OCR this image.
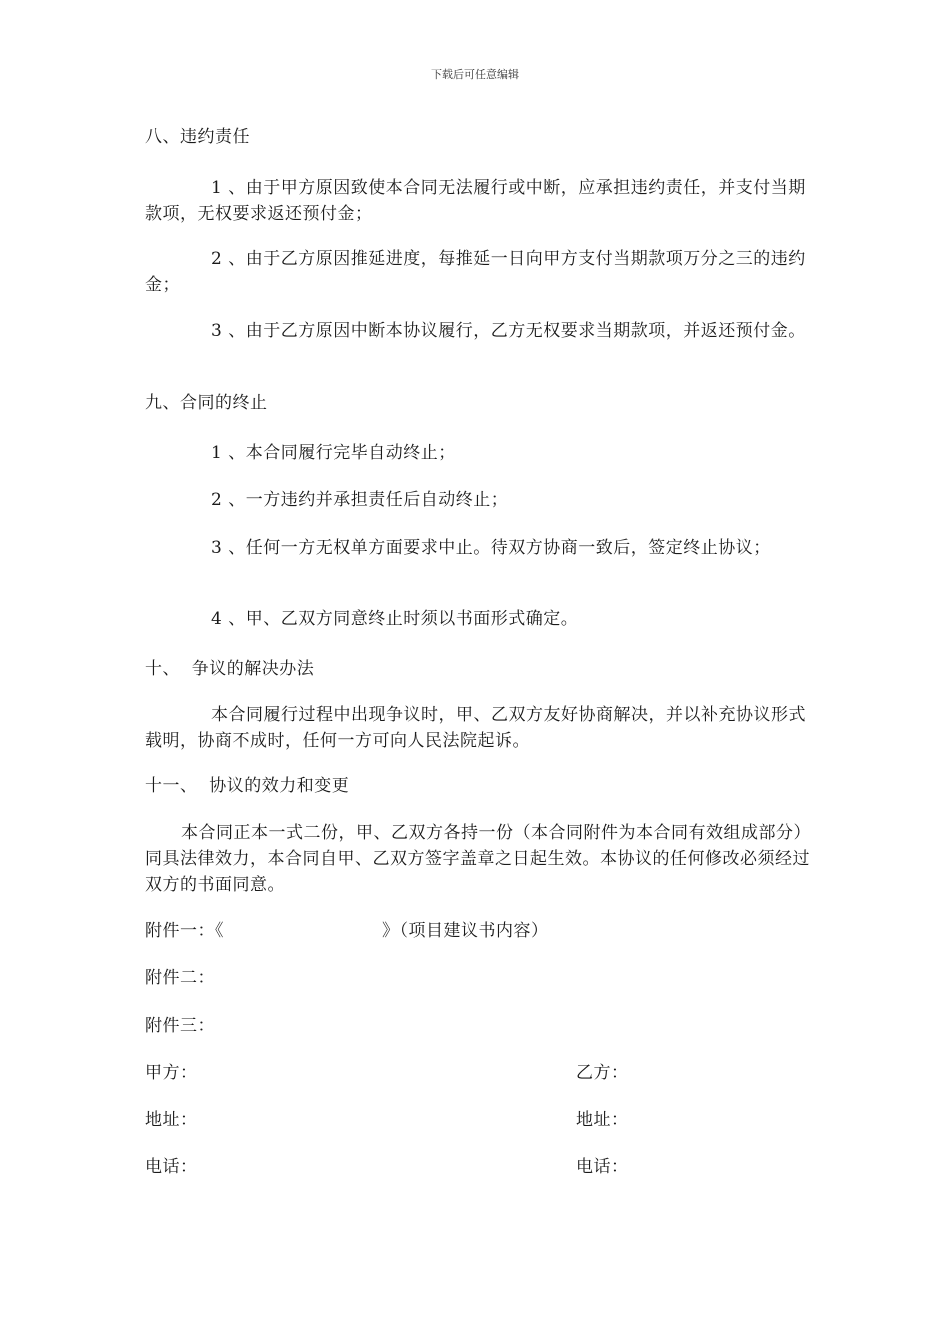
下载后可任意编辑
八、违约责任
1 、由于甲方原因致使本合同无法履行或中断，应承担违约责任，并支付当期款项，无权要求返还预付金；
2 、由于乙方原因推延进度，每推延一日向甲方支付当期款项万分之三的违约金；
3 、由于乙方原因中断本协议履行，乙方无权要求当期款项，并返还预付金。
九、合同的终止
1 、本合同履行完毕自动终止；
2 、一方违约并承担责任后自动终止；
3 、任何一方无权单方面要求中止。待双方协商一致后，签定终止协议；
4 、甲、乙双方同意终止时须以书面形式确定。
十、  争议的解决办法
本合同履行过程中出现争议时，甲、乙双方友好协商解决，并以补充协议形式载明，协商不成时，任何一方可向人民法院起诉。
十一、  协议的效力和变更
本合同正本一式二份，甲、乙双方各持一份（本合同附件为本合同有效组成部分）同具法律效力，本合同自甲、乙双方签字盖章之日起生效。本协议的任何修改必须经过双方的书面同意。
附件一：《	》（项目建议书内容）
附件二：
附件三：
甲方：	乙方：
地址：	地址：
电话：	电话：
